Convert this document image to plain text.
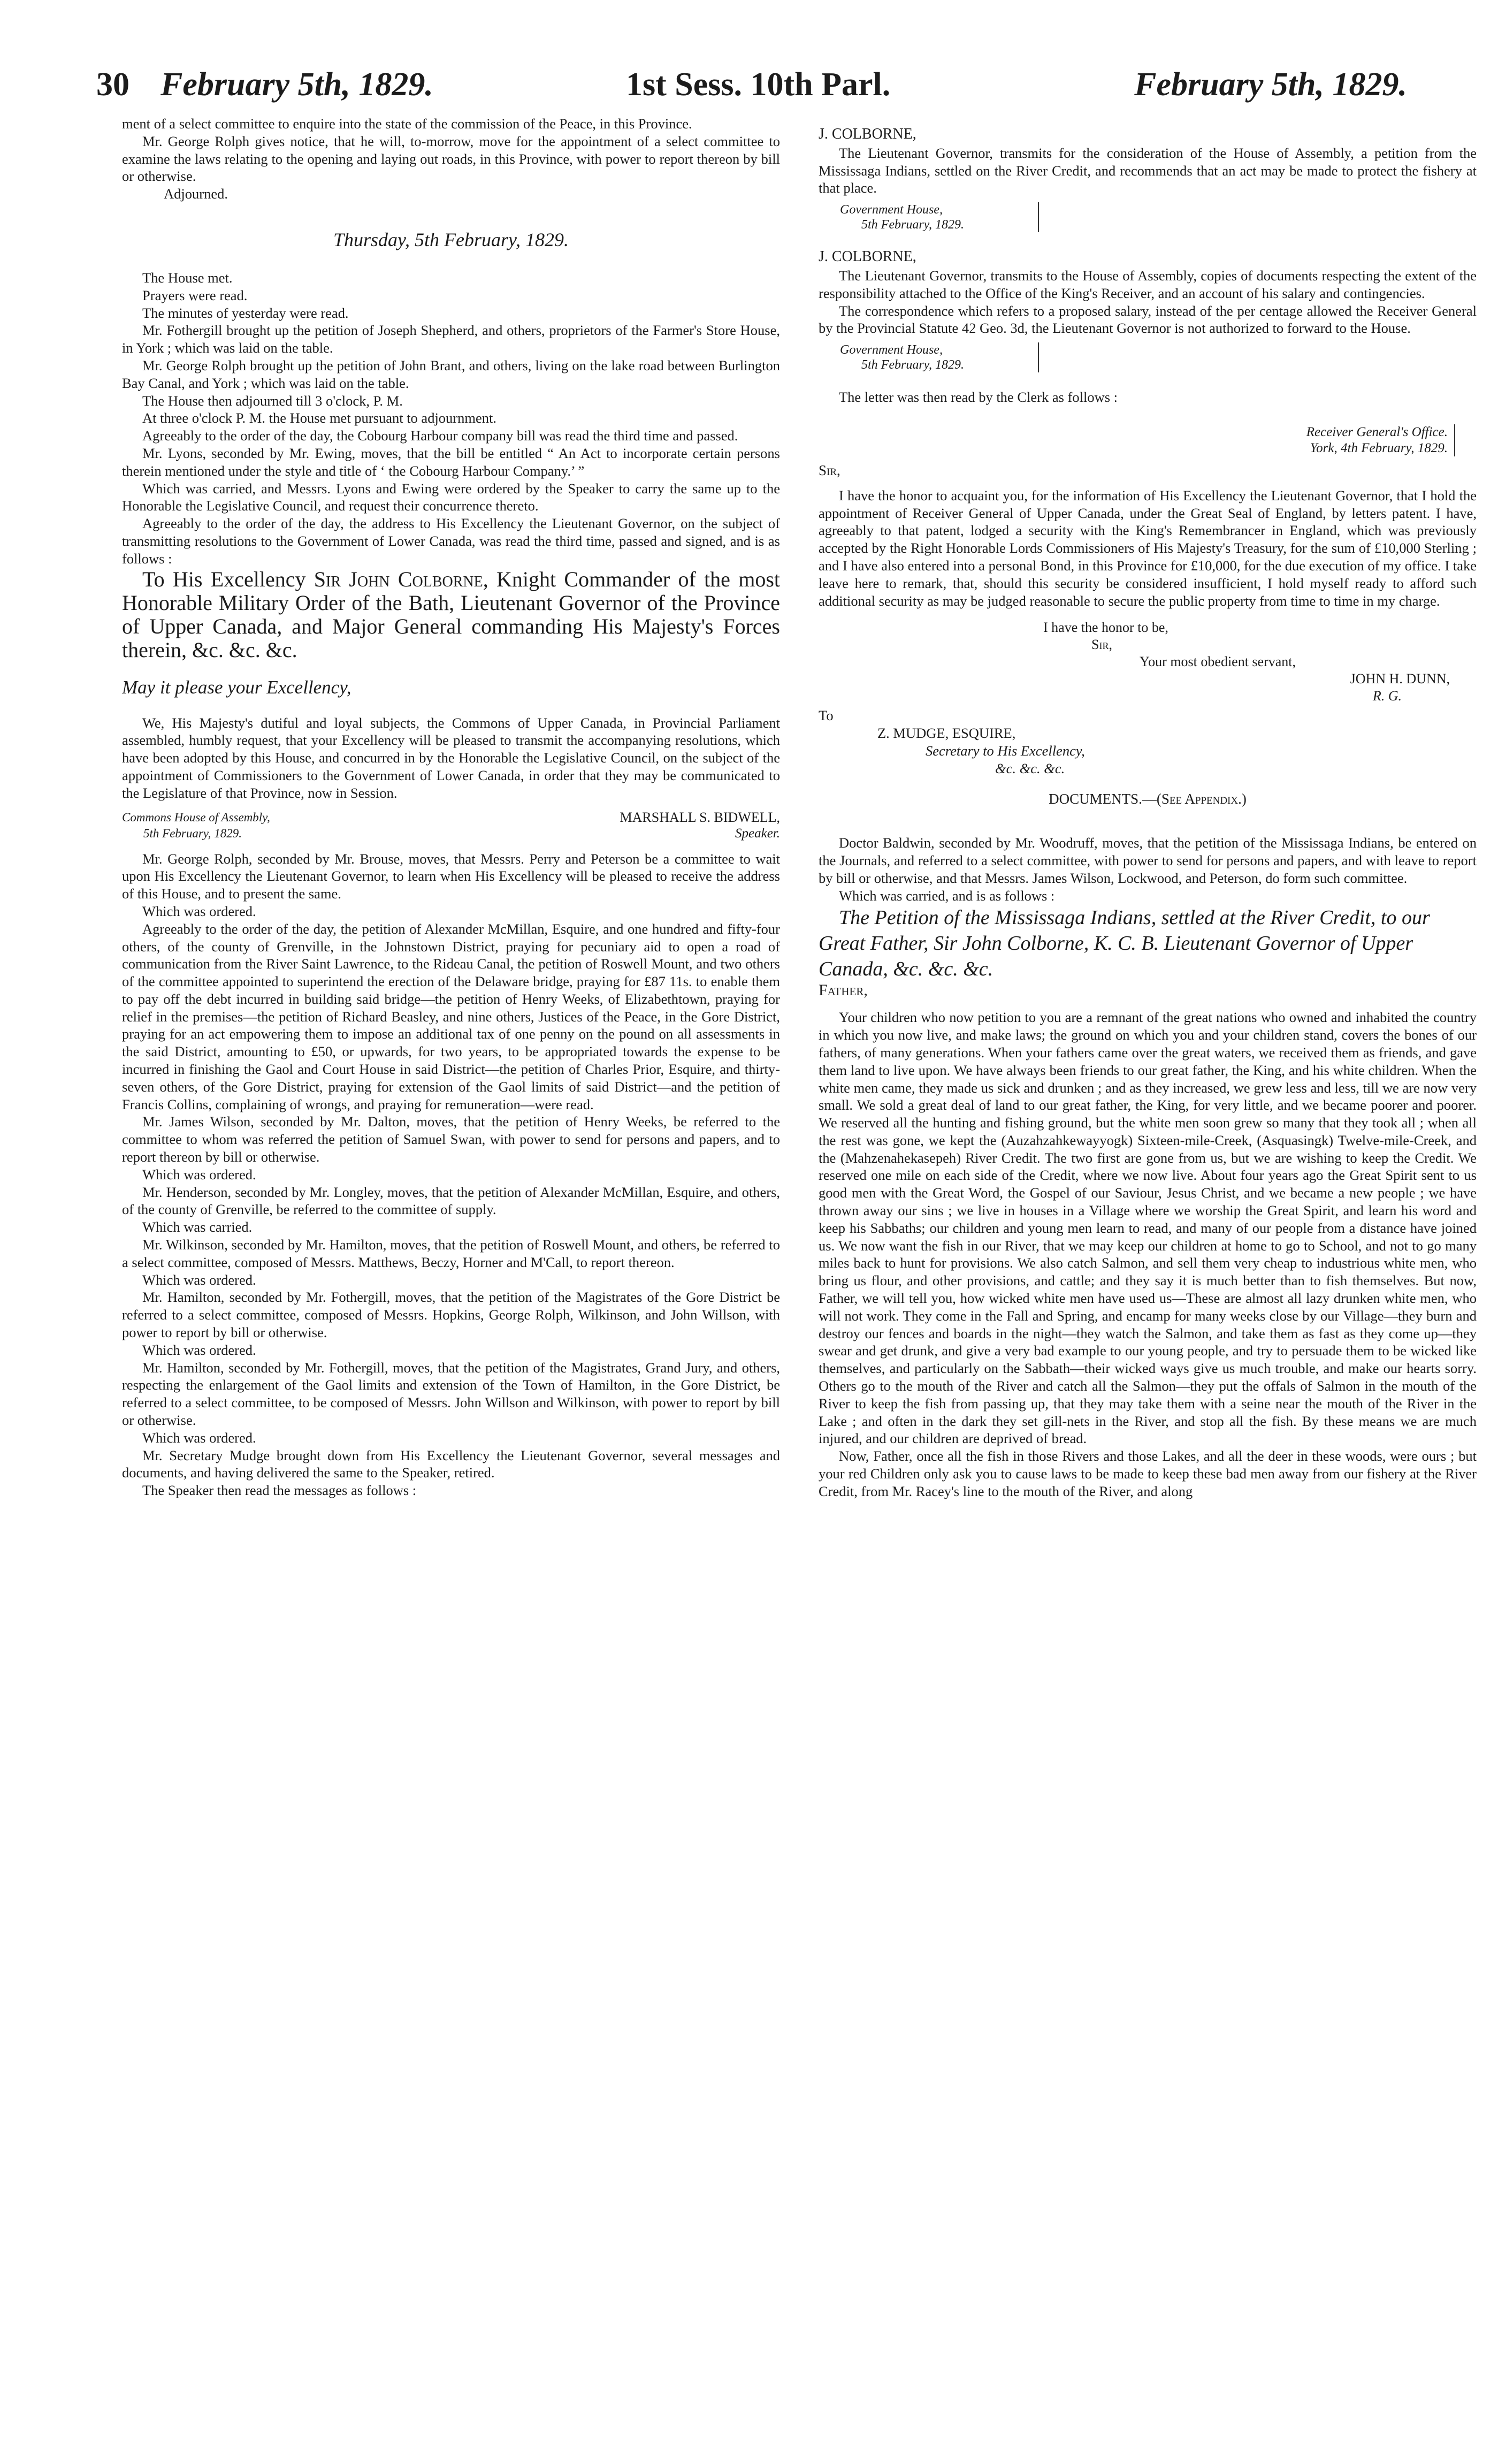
30 February 5th, 1829.	1st Sess. 10th Parl.	February 5th, 1829.

ment of a select committee to enquire into the state of the commission of the Peace, in this Province.

Mr. George Rolph gives notice, that he will, to-morrow, move for the appointment of a select committee to examine the laws relating to the opening and laying out roads, in this Province, with power to report thereon by bill or otherwise.

Adjourned.

Thursday, 5th February, 1829.

The House met.

Prayers were read.

The minutes of yesterday were read.

Mr. Fothergill brought up the petition of Joseph Shepherd, and others, proprietors of the Farmer's Store House, in York ; which was laid on the table.

Mr. George Rolph brought up the petition of John Brant, and others, living on the lake road between Burlington Bay Canal, and York ; which was laid on the table.

The House then adjourned till 3 o'clock, P. M.

At three o'clock P. M. the House met pursuant to adjournment.

Agreeably to the order of the day, the Cobourg Harbour company bill was read the third time and passed.

Mr. Lyons, seconded by Mr. Ewing, moves, that the bill be entitled “ An Act to incorporate certain persons therein mentioned under the style and title of ‘ the Cobourg Harbour Company.’ ”

Which was carried, and Messrs. Lyons and Ewing were ordered by the Speaker to carry the same up to the Honorable the Legislative Council, and request their concurrence thereto.

Agreeably to the order of the day, the address to His Excellency the Lieutenant Governor, on the subject of transmitting resolutions to the Government of Lower Canada, was read the third time, passed and signed, and is as follows :

To His Excellency Sir John Colborne, Knight Commander of the most Honorable Military Order of the Bath, Lieutenant Governor of the Province of Upper Canada, and Major General commanding His Majesty's Forces therein, &c. &c. &c.

May it please your Excellency,

We, His Majesty's dutiful and loyal subjects, the Commons of Upper Canada, in Provincial Parliament assembled, humbly request, that your Excellency will be pleased to transmit the accompanying resolutions, which have been adopted by this House, and concurred in by the Honorable the Legislative Council, on the subject of the appointment of Commissioners to the Government of Lower Canada, in order that they may be communicated to the Legislature of that Province, now in Session.

Commons House of Assembly,
5th February, 1829.
MARSHALL S. BIDWELL,
Speaker.

Mr. George Rolph, seconded by Mr. Brouse, moves, that Messrs. Perry and Peterson be a committee to wait upon His Excellency the Lieutenant Governor, to learn when His Excellency will be pleased to receive the address of this House, and to present the same.

Which was ordered.

Agreeably to the order of the day, the petition of Alexander McMillan, Esquire, and one hundred and fifty-four others, of the county of Grenville, in the Johnstown District, praying for pecuniary aid to open a road of communication from the River Saint Lawrence, to the Rideau Canal, the petition of Roswell Mount, and two others of the committee appointed to superintend the erection of the Delaware bridge, praying for £87 11s. to enable them to pay off the debt incurred in building said bridge—the petition of Henry Weeks, of Elizabethtown, praying for relief in the premises—the petition of Richard Beasley, and nine others, Justices of the Peace, in the Gore District, praying for an act empowering them to impose an additional tax of one penny on the pound on all assessments in the said District, amounting to £50, or upwards, for two years, to be appropriated towards the expense to be incurred in finishing the Gaol and Court House in said District—the petition of Charles Prior, Esquire, and thirty-seven others, of the Gore District, praying for extension of the Gaol limits of said District—and the petition of Francis Collins, complaining of wrongs, and praying for remuneration—were read.

Mr. James Wilson, seconded by Mr. Dalton, moves, that the petition of Henry Weeks, be referred to the committee to whom was referred the petition of Samuel Swan, with power to send for persons and papers, and to report thereon by bill or otherwise.

Which was ordered.

Mr. Henderson, seconded by Mr. Longley, moves, that the petition of Alexander McMillan, Esquire, and others, of the county of Grenville, be referred to the committee of supply.

Which was carried.

Mr. Wilkinson, seconded by Mr. Hamilton, moves, that the petition of Roswell Mount, and others, be referred to a select committee, composed of Messrs. Matthews, Beczy, Horner and M'Call, to report thereon.

Which was ordered.

Mr. Hamilton, seconded by Mr. Fothergill, moves, that the petition of the Magistrates of the Gore District be referred to a select committee, composed of Messrs. Hopkins, George Rolph, Wilkinson, and John Willson, with power to report by bill or otherwise.

Which was ordered.

Mr. Hamilton, seconded by Mr. Fothergill, moves, that the petition of the Magistrates, Grand Jury, and others, respecting the enlargement of the Gaol limits and extension of the Town of Hamilton, in the Gore District, be referred to a select committee, to be composed of Messrs. John Willson and Wilkinson, with power to report by bill or otherwise.

Which was ordered.

Mr. Secretary Mudge brought down from His Excellency the Lieutenant Governor, several messages and documents, and having delivered the same to the Speaker, retired.

The Speaker then read the messages as follows :

J. COLBORNE,

The Lieutenant Governor, transmits for the consideration of the House of Assembly, a petition from the Mississaga Indians, settled on the River Credit, and recommends that an act may be made to protect the fishery at that place.

Government House,
5th February, 1829.
J. COLBORNE,

The Lieutenant Governor, transmits to the House of Assembly, copies of documents respecting the extent of the responsibility attached to the Office of the King's Receiver, and an account of his salary and contingencies.

The correspondence which refers to a proposed salary, instead of the per centage allowed the Receiver General by the Provincial Statute 42 Geo. 3d, the Lieutenant Governor is not authorized to forward to the House.

Government House,
5th February, 1829.

The letter was then read by the Clerk as follows :

Receiver General's Office.
York, 4th February, 1829.
Sir,

I have the honor to acquaint you, for the information of His Excellency the Lieutenant Governor, that I hold the appointment of Receiver General of Upper Canada, under the Great Seal of England, by letters patent. I have, agreeably to that patent, lodged a security with the King's Remembrancer in England, which was previously accepted by the Right Honorable Lords Commissioners of His Majesty's Treasury, for the sum of £10,000 Sterling ; and I have also entered into a personal Bond, in this Province for £10,000, for the due execution of my office. I take leave here to remark, that, should this security be considered insufficient, I hold myself ready to afford such additional security as may be judged reasonable to secure the public property from time to time in my charge.

I have the honor to be,
Sir,
Your most obedient servant,
JOHN H. DUNN,
R. G.
To
Z. MUDGE, ESQUIRE,
Secretary to His Excellency,
&c. &c. &c.
DOCUMENTS.—(See Appendix.)

Doctor Baldwin, seconded by Mr. Woodruff, moves, that the petition of the Mississaga Indians, be entered on the Journals, and referred to a select committee, with power to send for persons and papers, and with leave to report by bill or otherwise, and that Messrs. James Wilson, Lockwood, and Peterson, do form such committee.

Which was carried, and is as follows :

The Petition of the Mississaga Indians, settled at the River Credit, to our Great Father, Sir John Colborne, K. C. B. Lieutenant Governor of Upper Canada, &c. &c. &c.

Father,

Your children who now petition to you are a remnant of the great nations who owned and inhabited the country in which you now live, and make laws; the ground on which you and your children stand, covers the bones of our fathers, of many generations. When your fathers came over the great waters, we received them as friends, and gave them land to live upon. We have always been friends to our great father, the King, and his white children. When the white men came, they made us sick and drunken ; and as they increased, we grew less and less, till we are now very small. We sold a great deal of land to our great father, the King, for very little, and we became poorer and poorer. We reserved all the hunting and fishing ground, but the white men soon grew so many that they took all ; when all the rest was gone, we kept the (Auzahzahkewayyogk) Sixteen-mile-Creek, (Asquasingk) Twelve-mile-Creek, and the (Mahzenahekasepeh) River Credit. The two first are gone from us, but we are wishing to keep the Credit. We reserved one mile on each side of the Credit, where we now live. About four years ago the Great Spirit sent to us good men with the Great Word, the Gospel of our Saviour, Jesus Christ, and we became a new people ; we have thrown away our sins ; we live in houses in a Village where we worship the Great Spirit, and learn his word and keep his Sabbaths; our children and young men learn to read, and many of our people from a distance have joined us. We now want the fish in our River, that we may keep our children at home to go to School, and not to go many miles back to hunt for provisions. We also catch Salmon, and sell them very cheap to industrious white men, who bring us flour, and other provisions, and cattle; and they say it is much better than to fish themselves. But now, Father, we will tell you, how wicked white men have used us—These are almost all lazy drunken white men, who will not work. They come in the Fall and Spring, and encamp for many weeks close by our Village—they burn and destroy our fences and boards in the night—they watch the Salmon, and take them as fast as they come up—they swear and get drunk, and give a very bad example to our young people, and try to persuade them to be wicked like themselves, and particularly on the Sabbath—their wicked ways give us much trouble, and make our hearts sorry. Others go to the mouth of the River and catch all the Salmon—they put the offals of Salmon in the mouth of the River to keep the fish from passing up, that they may take them with a seine near the mouth of the River in the Lake ; and often in the dark they set gill-nets in the River, and stop all the fish. By these means we are much injured, and our children are deprived of bread.

Now, Father, once all the fish in those Rivers and those Lakes, and all the deer in these woods, were ours ; but your red Children only ask you to cause laws to be made to keep these bad men away from our fishery at the River Credit, from Mr. Racey's line to the mouth of the River, and along
